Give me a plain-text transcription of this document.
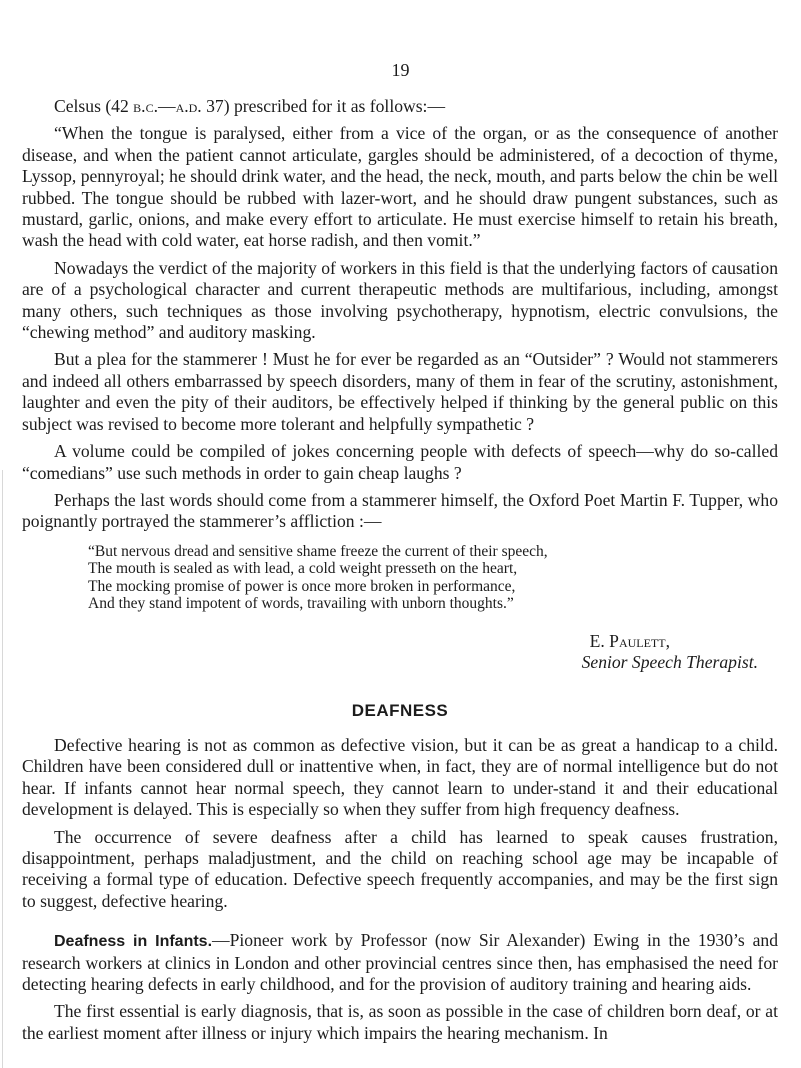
19

Celsus (42 b.c.—a.d. 37) prescribed for it as follows:—

“When the tongue is paralysed, either from a vice of the organ, or as the consequence of another disease, and when the patient cannot articulate, gargles should be administered, of a decoction of thyme, Lyssop, pennyroyal; he should drink water, and the head, the neck, mouth, and parts below the chin be well rubbed. The tongue should be rubbed with lazer-wort, and he should draw pungent substances, such as mustard, garlic, onions, and make every effort to articulate. He must exercise himself to retain his breath, wash the head with cold water, eat horse radish, and then vomit.”

Nowadays the verdict of the majority of workers in this field is that the underlying factors of causation are of a psychological character and current therapeutic methods are multifarious, including, amongst many others, such techniques as those involving psychotherapy, hypnotism, electric convulsions, the “chewing method” and auditory masking.

But a plea for the stammerer ! Must he for ever be regarded as an “Outsider” ? Would not stammerers and indeed all others embarrassed by speech disorders, many of them in fear of the scrutiny, astonishment, laughter and even the pity of their auditors, be effectively helped if thinking by the general public on this subject was revised to become more tolerant and helpfully sympathetic ?

A volume could be compiled of jokes concerning people with defects of speech—why do so-called “comedians” use such methods in order to gain cheap laughs ?

Perhaps the last words should come from a stammerer himself, the Oxford Poet Martin F. Tupper, who poignantly portrayed the stammerer’s affliction :—

“But nervous dread and sensitive shame freeze the current of their speech,
The mouth is sealed as with lead, a cold weight presseth on the heart,
The mocking promise of power is once more broken in performance,
And they stand impotent of words, travailing with unborn thoughts.”
E. Paulett,
Senior Speech Therapist.
DEAFNESS

Defective hearing is not as common as defective vision, but it can be as great a handicap to a child. Children have been considered dull or inattentive when, in fact, they are of normal intelligence but do not hear. If infants cannot hear normal speech, they cannot learn to under-stand it and their educational development is delayed. This is especially so when they suffer from high frequency deafness.

The occurrence of severe deafness after a child has learned to speak causes frustration, disappointment, perhaps maladjustment, and the child on reaching school age may be incapable of receiving a formal type of education. Defective speech frequently accompanies, and may be the first sign to suggest, defective hearing.

Deafness in Infants.—Pioneer work by Professor (now Sir Alexander) Ewing in the 1930’s and research workers at clinics in London and other provincial centres since then, has emphasised the need for detecting hearing defects in early childhood, and for the provision of auditory training and hearing aids.

The first essential is early diagnosis, that is, as soon as possible in the case of children born deaf, or at the earliest moment after illness or injury which impairs the hearing mechanism. In
